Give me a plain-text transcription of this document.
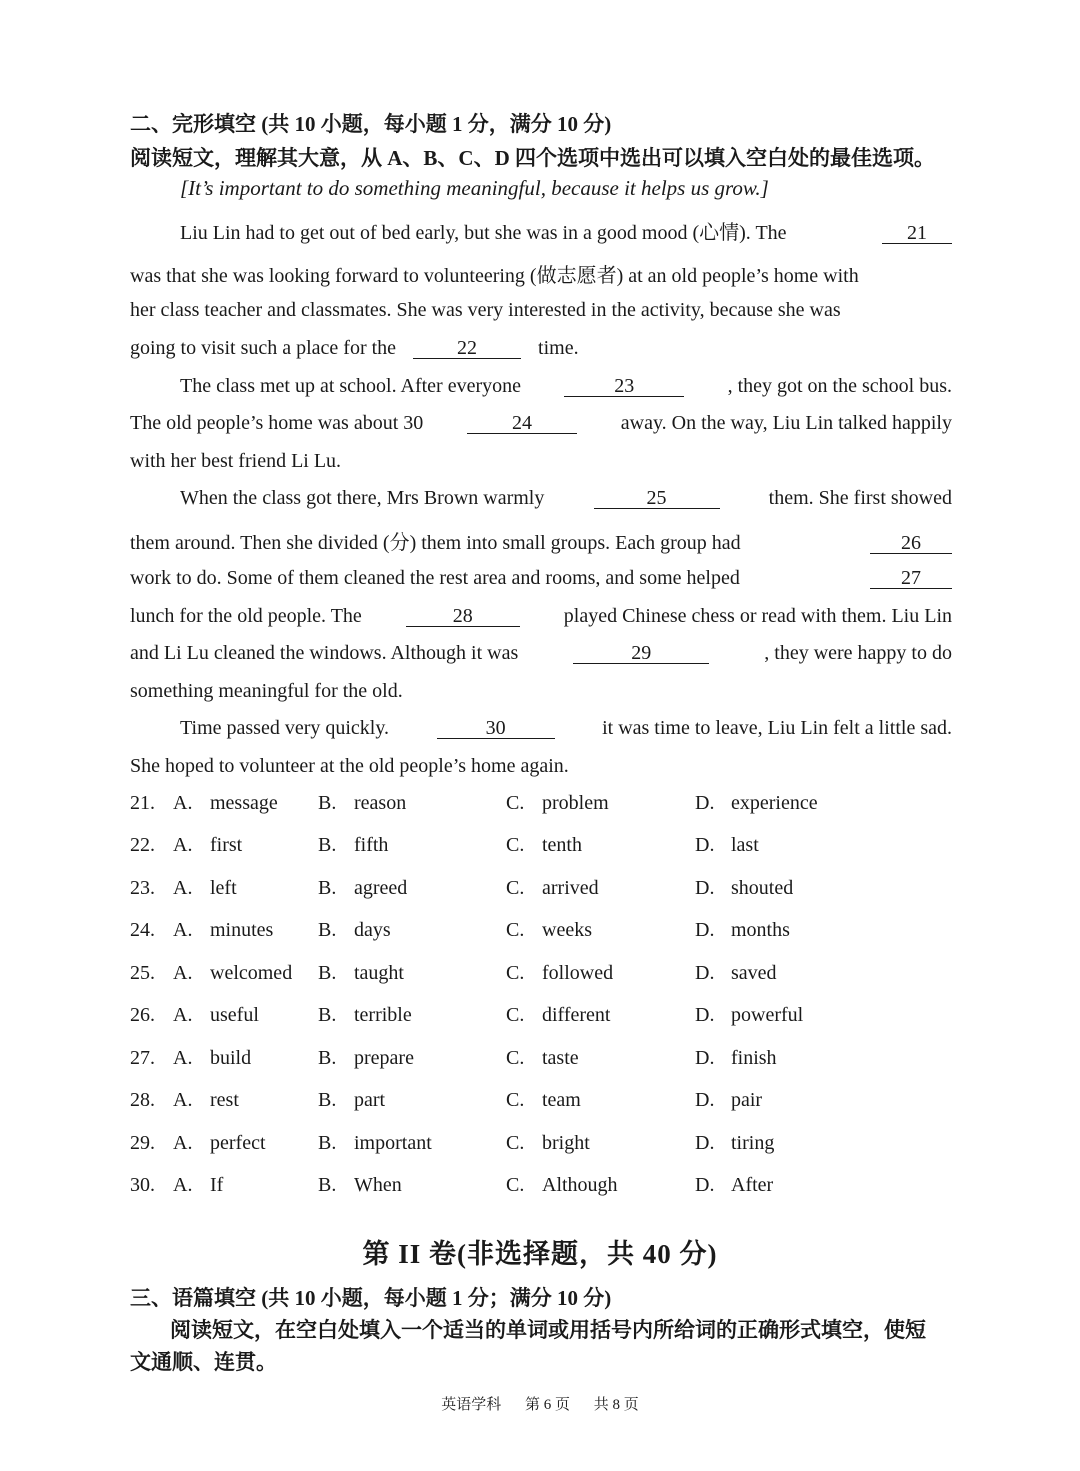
二、完形填空 (共 10 小题，每小题 1 分，满分 10 分)
阅读短文，理解其大意，从 A、B、C、D 四个选项中选出可以填入空白处的最佳选项。
[It’s important to do something meaningful, because it helps us grow.]
Liu Lin had to get out of bed early, but she was in a good mood (心情). The	21
was that she was looking forward to volunteering (做志愿者) at an old people’s home with
her class teacher and classmates. She was very interested in the activity, because she was
going to visit such a place for the	22	time.
The class met up at school. After everyone	23	, they got on the school bus.
The old people’s home was about 30	24	away. On the way, Liu Lin talked happily
with her best friend Li Lu.
When the class got there, Mrs Brown warmly	25	them. She first showed
them around. Then she divided (分) them into small groups. Each group had	26
work to do. Some of them cleaned the rest area and rooms, and some helped	27
lunch for the old people. The	28	played Chinese chess or read with them. Liu Lin
and Li Lu cleaned the windows. Although it was	29	, they were happy to do
something meaningful for the old.
Time passed very quickly.	30	it was time to leave, Liu Lin felt a little sad.
She hoped to volunteer at the old people’s home again.
21. A. message B. reason	C. problem	D. experience
22. A. first	B. fifth	C. tenth	D. last
23. A. left	B. agreed	C. arrived	D. shouted
24. A. minutes B. days	C. weeks	D. months
25. A. welcomed B. taught	C. followed	D. saved
26. A. useful	B. terrible	C. different	D. powerful
27. A. build	B. prepare	C. taste	D. finish
28. A. rest	B. part	C. team	D. pair
29. A. perfect	B. important	C. bright	D. tiring
30. A. If	B. When	C. Although	D. After
第 II 卷(非选择题，共 40 分)
三、语篇填空 (共 10 小题，每小题 1 分；满分 10 分)
阅读短文，在空白处填入一个适当的单词或用括号内所给词的正确形式填空，使短
文通顺、连贯。
英语学科 第 6 页 共 8 页
